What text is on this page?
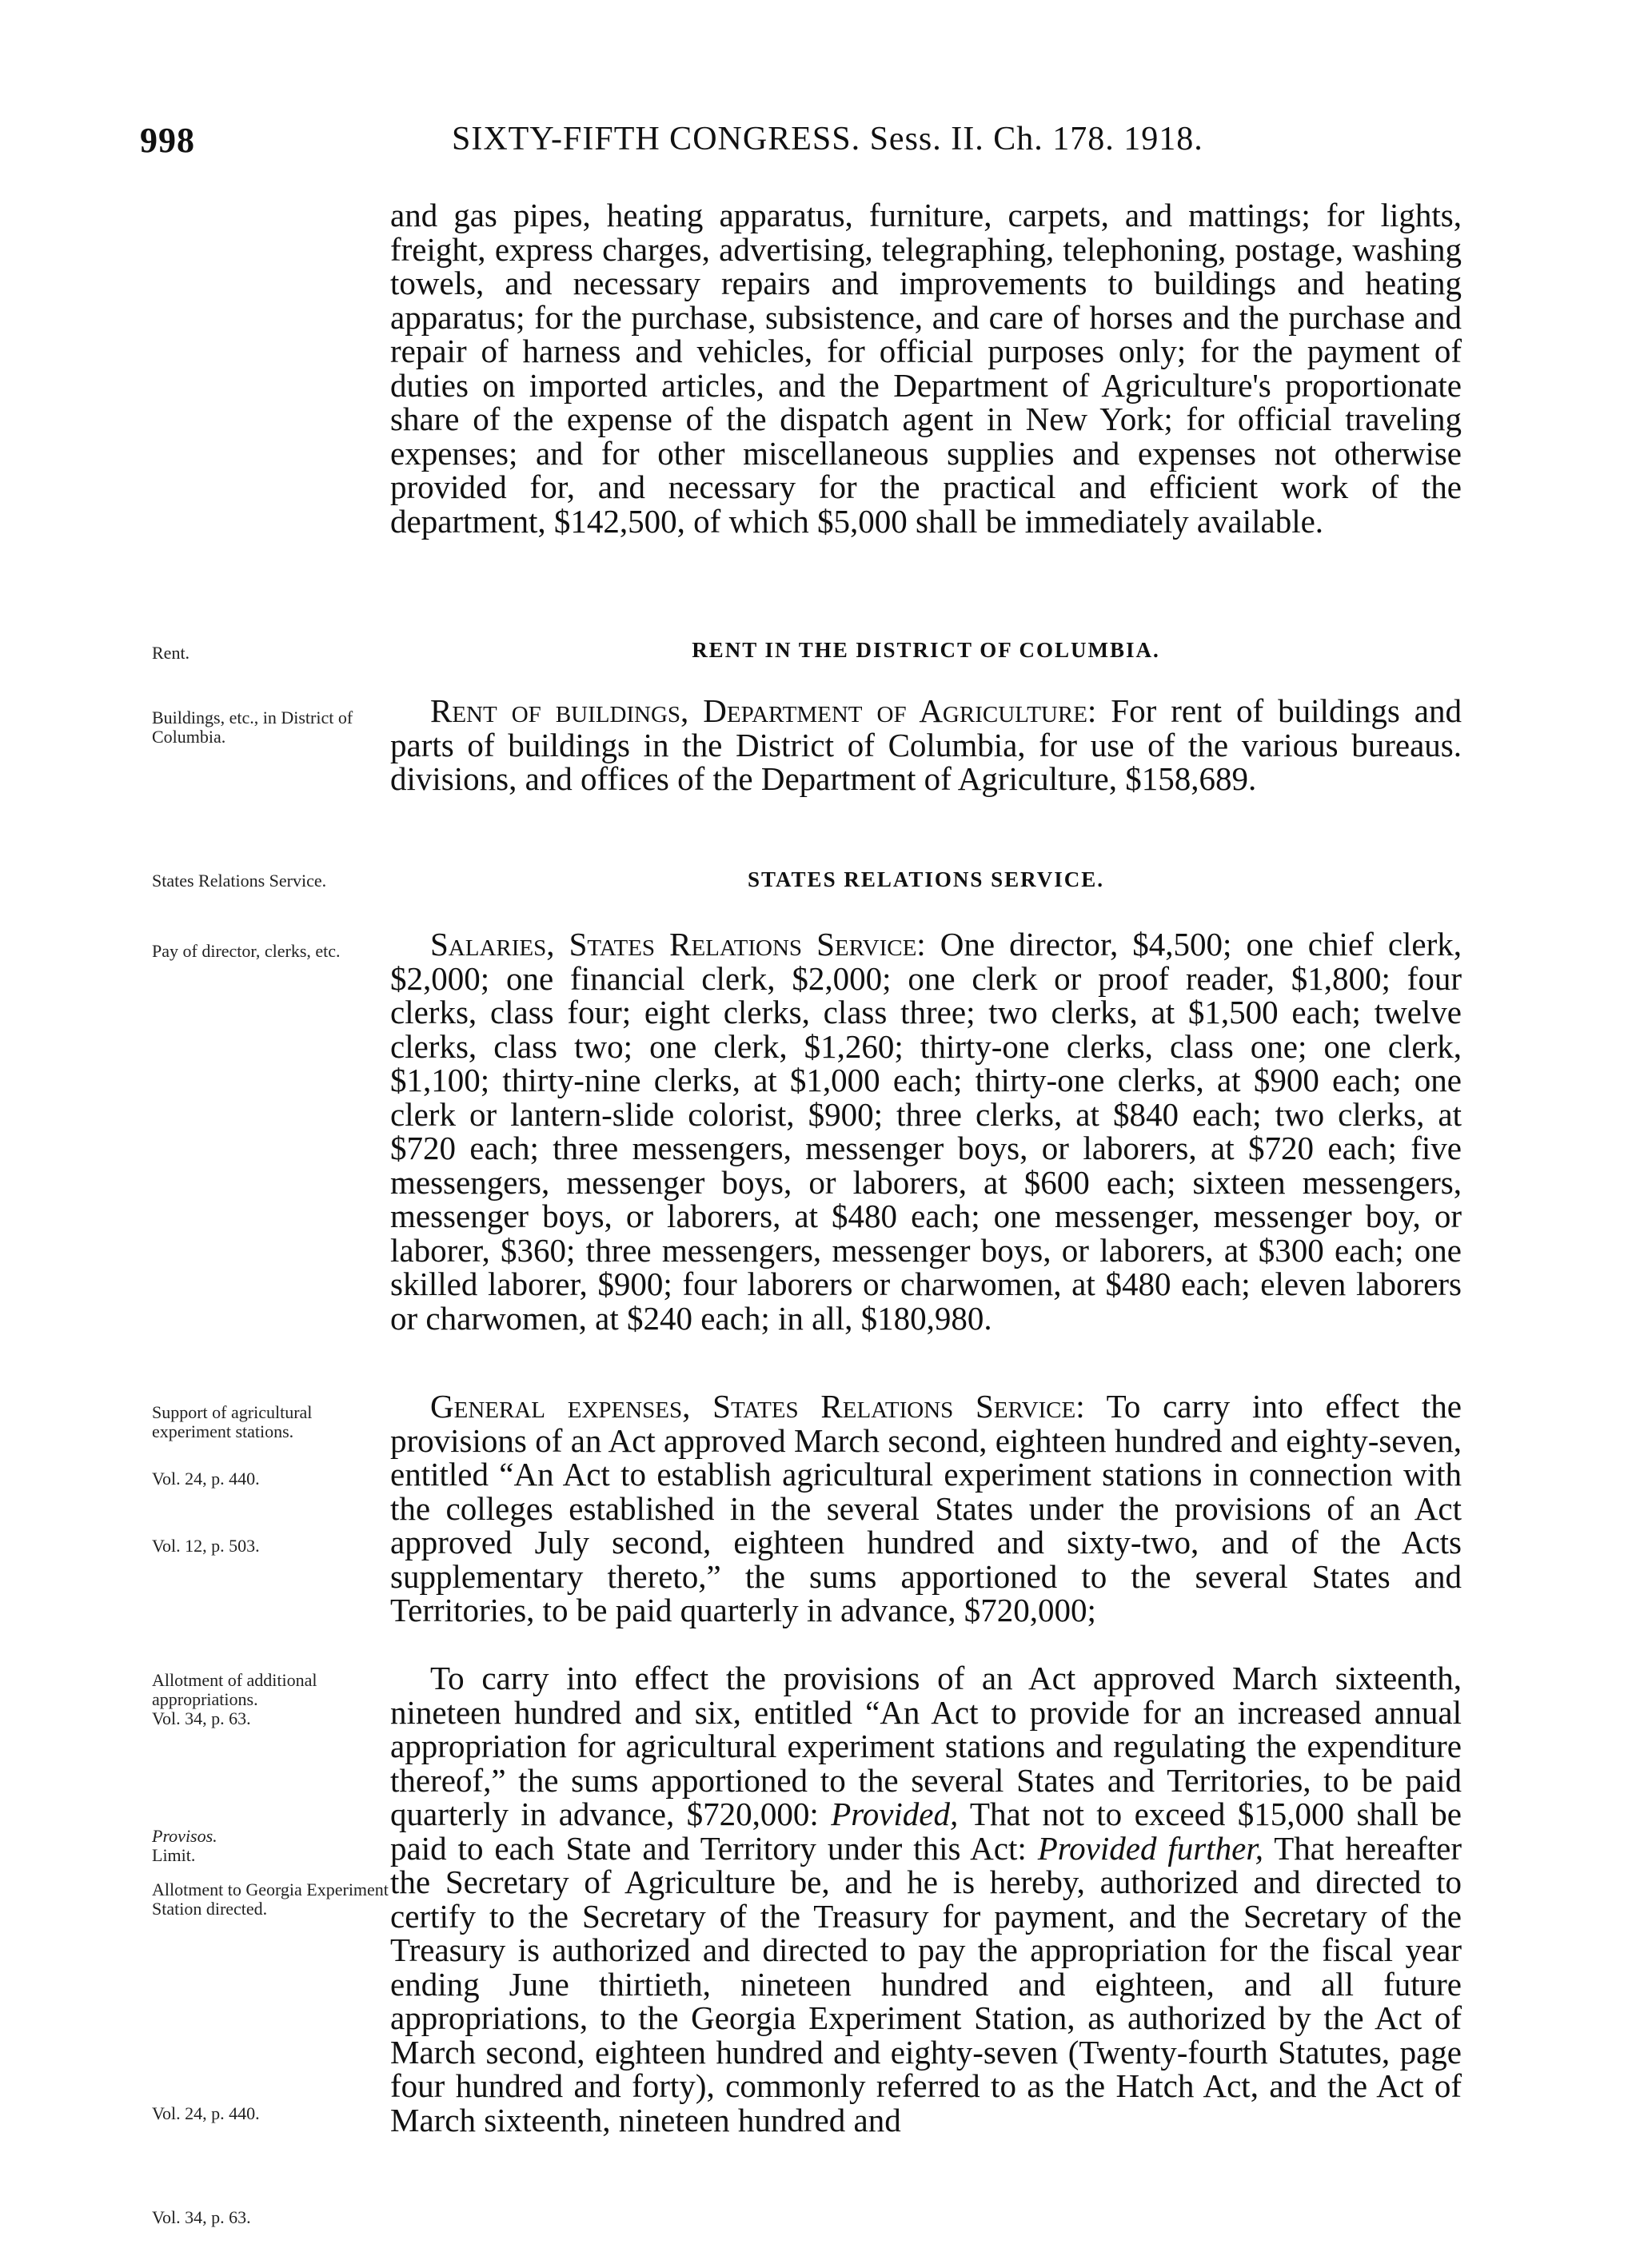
998	SIXTY-FIFTH CONGRESS. Sess. II. Ch. 178. 1918.

and gas pipes, heating apparatus, furniture, carpets, and mattings; for lights, freight, express charges, advertising, telegraphing, telephoning, postage, washing towels, and necessary repairs and improvements to buildings and heating apparatus; for the purchase, subsistence, and care of horses and the purchase and repair of harness and vehicles, for official purposes only; for the payment of duties on imported articles, and the Department of Agriculture's proportionate share of the expense of the dispatch agent in New York; for official traveling expenses; and for other miscellaneous supplies and expenses not otherwise provided for, and necessary for the practical and efficient work of the department, $142,500, of which $5,000 shall be immediately available.

Rent.	RENT IN THE DISTRICT OF COLUMBIA.
Buildings, etc., in District of Columbia.

Rent of buildings, Department of Agriculture: For rent of buildings and parts of buildings in the District of Columbia, for use of the various bureaus. divisions, and offices of the Department of Agriculture, $158,689.

States Relations Service.	STATES RELATIONS SERVICE.
Pay of director, clerks, etc.	Salaries, States Relations Service: One director, $4,500; one chief clerk, $2,000; one financial clerk, $2,000; one clerk or proof reader, $1,800; four clerks, class four; eight clerks, class three; two clerks, at $1,500 each; twelve clerks, class two; one clerk, $1,260; thirty-one clerks, class one; one clerk, $1,100; thirty-nine clerks, at $1,000 each; thirty-one clerks, at $900 each; one clerk or lantern-slide colorist, $900; three clerks, at $840 each; two clerks, at $720 each; three messengers, messenger boys, or laborers, at $720 each; five messengers, messenger boys, or laborers, at $600 each; sixteen messengers, messenger boys, or laborers, at $480 each; one messenger, messenger boy, or laborer, $360; three messengers, messenger boys, or laborers, at $300 each; one skilled laborer, $900; four laborers or charwomen, at $480 each; eleven laborers or charwomen, at $240 each; in all, $180,980.

Support of agricultural experiment stations.
Vol. 24, p. 440.
Vol. 12, p. 503.

General expenses, States Relations Service: To carry into effect the provisions of an Act approved March second, eighteen hundred and eighty-seven, entitled “An Act to establish agricultural experiment stations in connection with the colleges established in the several States under the provisions of an Act approved July second, eighteen hundred and sixty-two, and of the Acts supplementary thereto,” the sums apportioned to the several States and Territories, to be paid quarterly in advance, $720,000;

Allotment of additional appropriations.
Vol. 34, p. 63.
Provisos.
Limit.
Allotment to Georgia Experiment Station directed.
Vol. 24, p. 440.
Vol. 34, p. 63.

To carry into effect the provisions of an Act approved March sixteenth, nineteen hundred and six, entitled “An Act to provide for an increased annual appropriation for agricultural experiment stations and regulating the expenditure thereof,” the sums apportioned to the several States and Territories, to be paid quarterly in advance, $720,000: Provided, That not to exceed $15,000 shall be paid to each State and Territory under this Act: Provided further, That hereafter the Secretary of Agriculture be, and he is hereby, authorized and directed to certify to the Secretary of the Treasury for payment, and the Secretary of the Treasury is authorized and directed to pay the appropriation for the fiscal year ending June thirtieth, nineteen hundred and eighteen, and all future appropriations, to the Georgia Experiment Station, as authorized by the Act of March second, eighteen hundred and eighty-seven (Twenty-fourth Statutes, page four hundred and forty), commonly referred to as the Hatch Act, and the Act of March sixteenth, nineteen hundred and
